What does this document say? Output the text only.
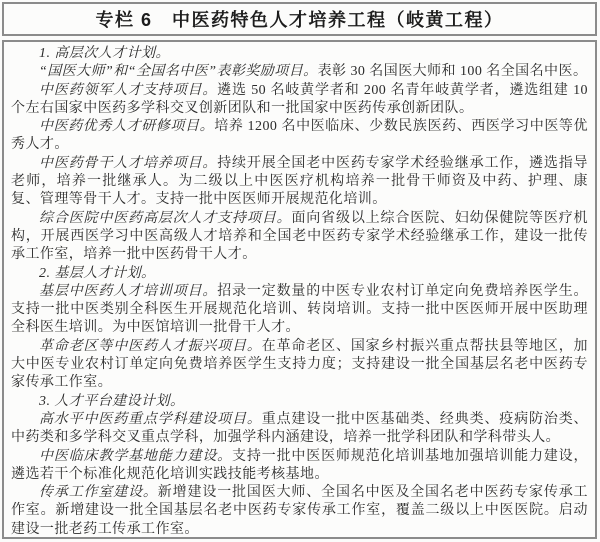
专栏 6　中医药特色人才培养工程（岐黄工程）

1. 高层次人才计划。

“国医大师”和“全国名中医”表彰奖励项目。表彰 30 名国医大师和 100 名全国名中医。

中医药领军人才支持项目。遴选 50 名岐黄学者和 200 名青年岐黄学者，遴选组建 10 个左右国家中医药多学科交叉创新团队和一批国家中医药传承创新团队。

中医药优秀人才研修项目。培养 1200 名中医临床、少数民族医药、西医学习中医等优秀人才。

中医药骨干人才培养项目。持续开展全国老中医药专家学术经验继承工作，遴选指导老师，培养一批继承人。为二级以上中医医疗机构培养一批骨干师资及中药、护理、康复、管理等骨干人才。支持一批中医医师开展规范化培训。

综合医院中医药高层次人才支持项目。面向省级以上综合医院、妇幼保健院等医疗机构，开展西医学习中医高级人才培养和全国老中医药专家学术经验继承工作，建设一批传承工作室，培养一批中医药骨干人才。

2. 基层人才计划。

基层中医药人才培训项目。招录一定数量的中医专业农村订单定向免费培养医学生。支持一批中医类别全科医生开展规范化培训、转岗培训。支持一批中医医师开展中医助理全科医生培训。为中医馆培训一批骨干人才。

革命老区等中医药人才振兴项目。在革命老区、国家乡村振兴重点帮扶县等地区，加大中医专业农村订单定向免费培养医学生支持力度；支持建设一批全国基层名老中医药专家传承工作室。

3. 人才平台建设计划。

高水平中医药重点学科建设项目。重点建设一批中医基础类、经典类、疫病防治类、中药类和多学科交叉重点学科，加强学科内涵建设，培养一批学科团队和学科带头人。

中医临床教学基地能力建设。支持一批中医医师规范化培训基地加强培训能力建设，遴选若干个标准化规范化培训实践技能考核基地。

传承工作室建设。新增建设一批国医大师、全国名中医及全国名老中医药专家传承工作室。新增建设一批全国基层名老中医药专家传承工作室，覆盖二级以上中医医院。启动建设一批老药工传承工作室。
